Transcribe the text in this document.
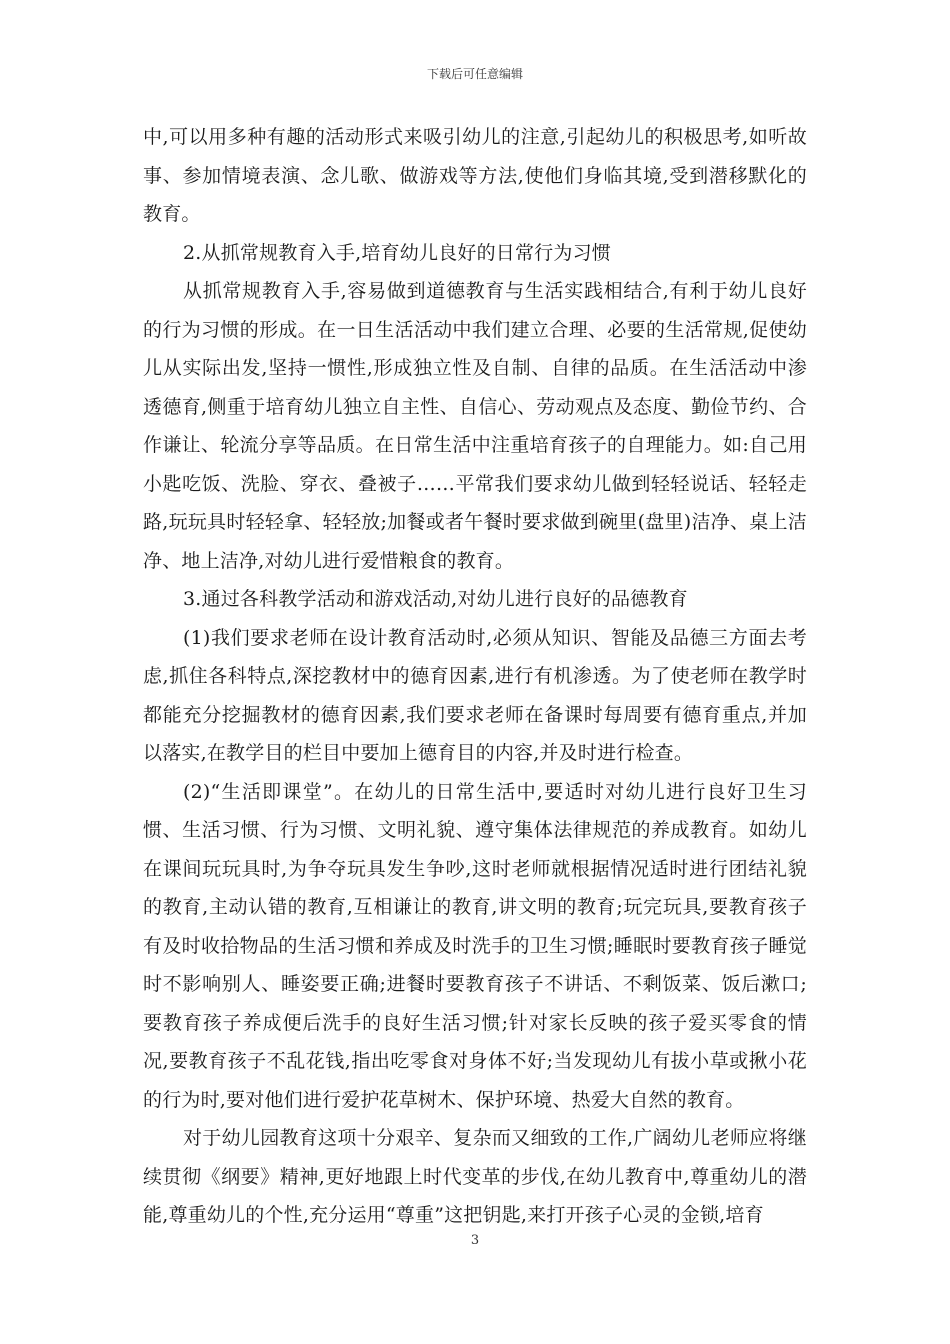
下载后可任意编辑

中,可以用多种有趣的活动形式来吸引幼儿的注意,引起幼儿的积极思考,如听故事、参加情境表演、念儿歌、做游戏等方法,使他们身临其境,受到潜移默化的教育。

2.从抓常规教育入手,培育幼儿良好的日常行为习惯

从抓常规教育入手,容易做到道德教育与生活实践相结合,有利于幼儿良好的行为习惯的形成。在一日生活活动中我们建立合理、必要的生活常规,促使幼儿从实际出发,坚持一惯性,形成独立性及自制、自律的品质。在生活活动中渗透德育,侧重于培育幼儿独立自主性、自信心、劳动观点及态度、勤俭节约、合作谦让、轮流分享等品质。在日常生活中注重培育孩子的自理能力。如:自己用小匙吃饭、洗脸、穿衣、叠被子……平常我们要求幼儿做到轻轻说话、轻轻走路,玩玩具时轻轻拿、轻轻放;加餐或者午餐时要求做到碗里(盘里)洁净、桌上洁净、地上洁净,对幼儿进行爱惜粮食的教育。

3.通过各科教学活动和游戏活动,对幼儿进行良好的品德教育

(1)我们要求老师在设计教育活动时,必须从知识、智能及品德三方面去考虑,抓住各科特点,深挖教材中的德育因素,进行有机渗透。为了使老师在教学时都能充分挖掘教材的德育因素,我们要求老师在备课时每周要有德育重点,并加以落实,在教学目的栏目中要加上德育目的内容,并及时进行检查。

(2)“生活即课堂”。在幼儿的日常生活中,要适时对幼儿进行良好卫生习惯、生活习惯、行为习惯、文明礼貌、遵守集体法律规范的养成教育。如幼儿在课间玩玩具时,为争夺玩具发生争吵,这时老师就根据情况适时进行团结礼貌的教育,主动认错的教育,互相谦让的教育,讲文明的教育;玩完玩具,要教育孩子有及时收拾物品的生活习惯和养成及时洗手的卫生习惯;睡眠时要教育孩子睡觉时不影响别人、睡姿要正确;进餐时要教育孩子不讲话、不剩饭菜、饭后漱口;要教育孩子养成便后洗手的良好生活习惯;针对家长反映的孩子爱买零食的情况,要教育孩子不乱花钱,指出吃零食对身体不好;当发现幼儿有拔小草或揪小花的行为时,要对他们进行爱护花草树木、保护环境、热爱大自然的教育。

对于幼儿园教育这项十分艰辛、复杂而又细致的工作,广阔幼儿老师应将继续贯彻《纲要》精神,更好地跟上时代变革的步伐,在幼儿教育中,尊重幼儿的潜能,尊重幼儿的个性,充分运用“尊重”这把钥匙,来打开孩子心灵的金锁,培育

3
